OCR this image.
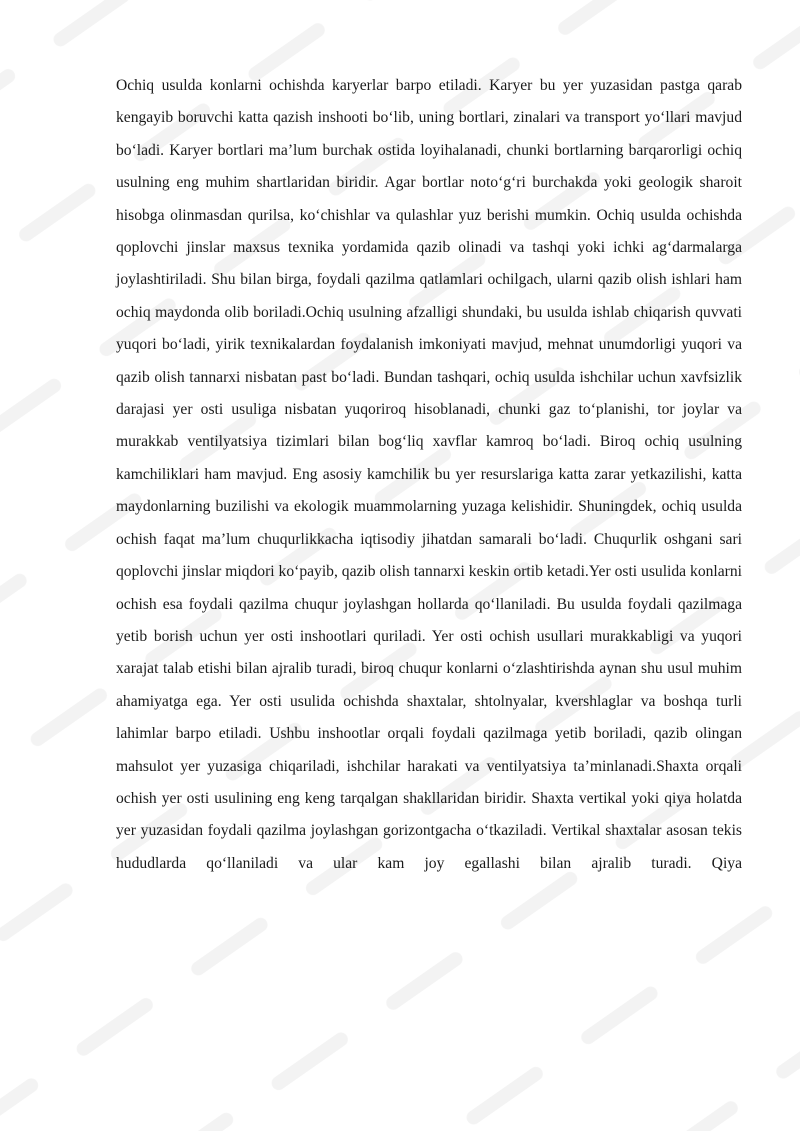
Ochiq usulda konlarni ochishda karyerlar barpo etiladi. Karyer bu yer yuzasidan pastga qarab kengayib boruvchi katta qazish inshooti bo‘lib, uning bortlari, zinalari va transport yo‘llari mavjud bo‘ladi. Karyer bortlari ma’lum burchak ostida loyihalanadi, chunki bortlarning barqarorligi ochiq usulning eng muhim shartlaridan biridir. Agar bortlar noto‘g‘ri burchakda yoki geologik sharoit hisobga olinmasdan qurilsa, ko‘chishlar va qulashlar yuz berishi mumkin. Ochiq usulda ochishda qoplovchi jinslar maxsus texnika yordamida qazib olinadi va tashqi yoki ichki ag‘darmalarga joylashtiriladi. Shu bilan birga, foydali qazilma qatlamlari ochilgach, ularni qazib olish ishlari ham ochiq maydonda olib boriladi.Ochiq usulning afzalligi shundaki, bu usulda ishlab chiqarish quvvati yuqori bo‘ladi, yirik texnikalardan foydalanish imkoniyati mavjud, mehnat unumdorligi yuqori va qazib olish tannarxi nisbatan past bo‘ladi. Bundan tashqari, ochiq usulda ishchilar uchun xavfsizlik darajasi yer osti usuliga nisbatan yuqoriroq hisoblanadi, chunki gaz to‘planishi, tor joylar va murakkab ventilyatsiya tizimlari bilan bog‘liq xavflar kamroq bo‘ladi. Biroq ochiq usulning kamchiliklari ham mavjud. Eng asosiy kamchilik bu yer resurslariga katta zarar yetkazilishi, katta maydonlarning buzilishi va ekologik muammolarning yuzaga kelishidir. Shuningdek, ochiq usulda ochish faqat ma’lum chuqurlikkacha iqtisodiy jihatdan samarali bo‘ladi. Chuqurlik oshgani sari qoplovchi jinslar miqdori ko‘payib, qazib olish tannarxi keskin ortib ketadi.Yer osti usulida konlarni ochish esa foydali qazilma chuqur joylashgan hollarda qo‘llaniladi. Bu usulda foydali qazilmaga yetib borish uchun yer osti inshootlari quriladi. Yer osti ochish usullari murakkabligi va yuqori xarajat talab etishi bilan ajralib turadi, biroq chuqur konlarni o‘zlashtirishda aynan shu usul muhim ahamiyatga ega. Yer osti usulida ochishda shaxtalar, shtolnyalar, kvershlaglar va boshqa turli lahimlar barpo etiladi. Ushbu inshootlar orqali foydali qazilmaga yetib boriladi, qazib olingan mahsulot yer yuzasiga chiqariladi, ishchilar harakati va ventilyatsiya ta’minlanadi.Shaxta orqali ochish yer osti usulining eng keng tarqalgan shakllaridan biridir. Shaxta vertikal yoki qiya holatda yer yuzasidan foydali qazilma joylashgan gorizontgacha o‘tkaziladi. Vertikal shaxtalar asosan tekis hududlarda qo‘llaniladi va ular kam joy egallashi bilan ajralib turadi. Qiya
